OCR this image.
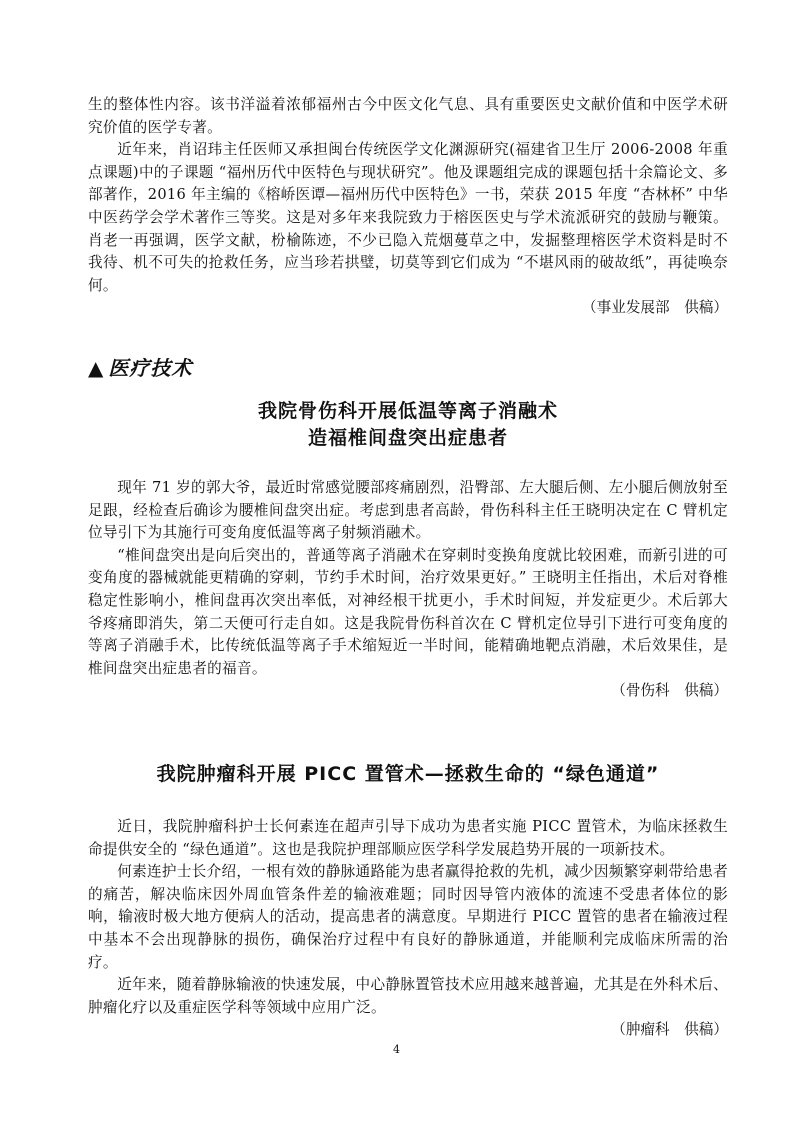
生的整体性内容。该书洋溢着浓郁福州古今中医文化气息、具有重要医史文献价值和中医学术研究价值的医学专著。

近年来，肖诏玮主任医师又承担闽台传统医学文化渊源研究(福建省卫生厅 2006-2008 年重点课题)中的子课题 “福州历代中医特色与现状研究”。他及课题组完成的课题包括十余篇论文、多部著作，2016 年主编的《榕峤医谭—福州历代中医特色》一书，荣获 2015 年度 “杏林杯” 中华中医药学会学术著作三等奖。这是对多年来我院致力于榕医医史与学术流派研究的鼓励与鞭策。肖老一再强调，医学文献，枌榆陈迹，不少已隐入荒烟蔓草之中，发掘整理榕医学术资料是时不我待、机不可失的抢救任务，应当珍若拱璧，切莫等到它们成为 “不堪风雨的破故纸”，再徒唤奈何。

（事业发展部　供稿）
▲ 医疗技术
我院骨伤科开展低温等离子消融术
造福椎间盘突出症患者

现年 71 岁的郭大爷，最近时常感觉腰部疼痛剧烈，沿臀部、左大腿后侧、左小腿后侧放射至足跟，经检查后确诊为腰椎间盘突出症。考虑到患者高龄，骨伤科科主任王晓明决定在 C 臂机定位导引下为其施行可变角度低温等离子射频消融术。

“椎间盘突出是向后突出的，普通等离子消融术在穿刺时变换角度就比较困难，而新引进的可变角度的器械就能更精确的穿刺，节约手术时间，治疗效果更好。” 王晓明主任指出，术后对脊椎稳定性影响小，椎间盘再次突出率低，对神经根干扰更小，手术时间短，并发症更少。术后郭大爷疼痛即消失，第二天便可行走自如。这是我院骨伤科首次在 C 臂机定位导引下进行可变角度的等离子消融手术，比传统低温等离子手术缩短近一半时间，能精确地靶点消融，术后效果佳，是椎间盘突出症患者的福音。

（骨伤科　供稿）
我院肿瘤科开展 PICC 置管术—拯救生命的 “绿色通道”

近日，我院肿瘤科护士长何素连在超声引导下成功为患者实施 PICC 置管术，为临床拯救生命提供安全的 “绿色通道”。这也是我院护理部顺应医学科学发展趋势开展的一项新技术。

何素连护士长介绍，一根有效的静脉通路能为患者赢得抢救的先机，减少因频繁穿刺带给患者的痛苦，解决临床因外周血管条件差的输液难题；同时因导管内液体的流速不受患者体位的影响，输液时极大地方便病人的活动，提高患者的满意度。早期进行 PICC 置管的患者在输液过程中基本不会出现静脉的损伤，确保治疗过程中有良好的静脉通道，并能顺利完成临床所需的治疗。

近年来，随着静脉输液的快速发展，中心静脉置管技术应用越来越普遍，尤其是在外科术后、肿瘤化疗以及重症医学科等领域中应用广泛。

（肿瘤科　供稿）
4
